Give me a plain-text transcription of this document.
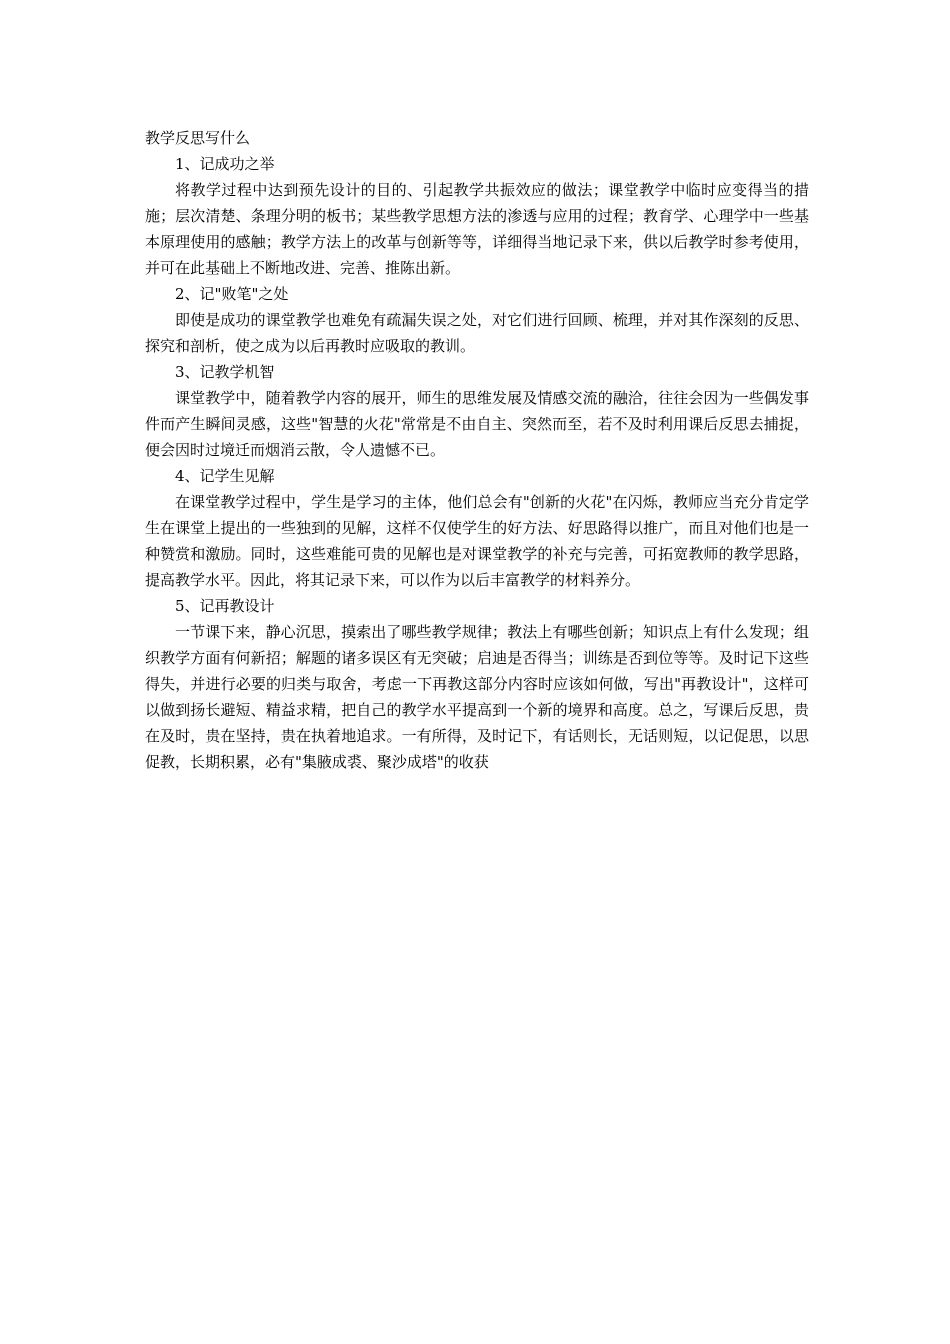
教学反思写什么

1、记成功之举

将教学过程中达到预先设计的目的、引起教学共振效应的做法；课堂教学中临时应变得当的措施；层次清楚、条理分明的板书；某些教学思想方法的渗透与应用的过程；教育学、心理学中一些基本原理使用的感触；教学方法上的改革与创新等等，详细得当地记录下来，供以后教学时参考使用，并可在此基础上不断地改进、完善、推陈出新。

2、记"败笔"之处

即使是成功的课堂教学也难免有疏漏失误之处，对它们进行回顾、梳理，并对其作深刻的反思、探究和剖析，使之成为以后再教时应吸取的教训。

3、记教学机智

课堂教学中，随着教学内容的展开，师生的思维发展及情感交流的融洽，往往会因为一些偶发事件而产生瞬间灵感，这些"智慧的火花"常常是不由自主、突然而至，若不及时利用课后反思去捕捉，便会因时过境迁而烟消云散，令人遗憾不已。

4、记学生见解

在课堂教学过程中，学生是学习的主体，他们总会有"创新的火花"在闪烁，教师应当充分肯定学生在课堂上提出的一些独到的见解，这样不仅使学生的好方法、好思路得以推广，而且对他们也是一种赞赏和激励。同时，这些难能可贵的见解也是对课堂教学的补充与完善，可拓宽教师的教学思路，提高教学水平。因此，将其记录下来，可以作为以后丰富教学的材料养分。

5、记再教设计

一节课下来，静心沉思，摸索出了哪些教学规律；教法上有哪些创新；知识点上有什么发现；组织教学方面有何新招；解题的诸多误区有无突破；启迪是否得当；训练是否到位等等。及时记下这些得失，并进行必要的归类与取舍，考虑一下再教这部分内容时应该如何做，写出"再教设计"，这样可以做到扬长避短、精益求精，把自己的教学水平提高到一个新的境界和高度。总之，写课后反思，贵在及时，贵在坚持，贵在执着地追求。一有所得，及时记下，有话则长，无话则短，以记促思，以思促教，长期积累，必有"集腋成裘、聚沙成塔"的收获
